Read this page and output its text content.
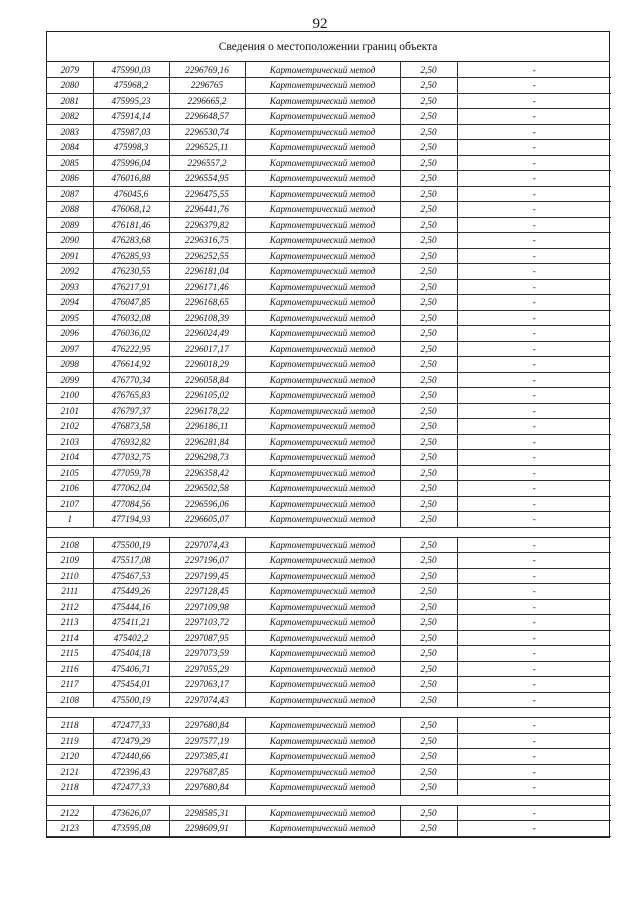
92
Сведения о местоположении границ объекта
2079	475990,03	2296769,16	Картометрический метод	2,50	-
2080	475968,2	2296765	Картометрический метод	2,50	-
2081	475995,23	2296665,2	Картометрический метод	2,50	-
2082	475914,14	2296648,57	Картометрический метод	2,50	-
2083	475987,03	2296530,74	Картометрический метод	2,50	-
2084	475998,3	2296525,11	Картометрический метод	2,50	-
2085	475996,04	2296557,2	Картометрический метод	2,50	-
2086	476016,88	2296554,95	Картометрический метод	2,50	-
2087	476045,6	2296475,55	Картометрический метод	2,50	-
2088	476068,12	2296441,76	Картометрический метод	2,50	-
2089	476181,46	2296379,82	Картометрический метод	2,50	-
2090	476283,68	2296316,75	Картометрический метод	2,50	-
2091	476285,93	2296252,55	Картометрический метод	2,50	-
2092	476230,55	2296181,04	Картометрический метод	2,50	-
2093	476217,91	2296171,46	Картометрический метод	2,50	-
2094	476047,85	2296168,65	Картометрический метод	2,50	-
2095	476032,08	2296108,39	Картометрический метод	2,50	-
2096	476036,02	2296024,49	Картометрический метод	2,50	-
2097	476222,95	2296017,17	Картометрический метод	2,50	-
2098	476614,92	2296018,29	Картометрический метод	2,50	-
2099	476770,34	2296058,84	Картометрический метод	2,50	-
2100	476765,83	2296105,02	Картометрический метод	2,50	-
2101	476797,37	2296178,22	Картометрический метод	2,50	-
2102	476873,58	2296186,11	Картометрический метод	2,50	-
2103	476932,82	2296281,84	Картометрический метод	2,50	-
2104	477032,75	2296298,73	Картометрический метод	2,50	-
2105	477059,78	2296358,42	Картометрический метод	2,50	-
2106	477062,04	2296502,58	Картометрический метод	2,50	-
2107	477084,56	2296596,06	Картометрический метод	2,50	-
1	477194,93	2296605,07	Картометрический метод	2,50	-

2108	475500,19	2297074,43	Картометрический метод	2,50	-
2109	475517,08	2297196,07	Картометрический метод	2,50	-
2110	475467,53	2297199,45	Картометрический метод	2,50	-
2111	475449,26	2297128,45	Картометрический метод	2,50	-
2112	475444,16	2297109,98	Картометрический метод	2,50	-
2113	475411,21	2297103,72	Картометрический метод	2,50	-
2114	475402,2	2297087,95	Картометрический метод	2,50	-
2115	475404,18	2297073,59	Картометрический метод	2,50	-
2116	475406,71	2297055,29	Картометрический метод	2,50	-
2117	475454,01	2297063,17	Картометрический метод	2,50	-
2108	475500,19	2297074,43	Картометрический метод	2,50	-

2118	472477,33	2297680,84	Картометрический метод	2,50	-
2119	472479,29	2297577,19	Картометрический метод	2,50	-
2120	472440,66	2297385,41	Картометрический метод	2,50	-
2121	472396,43	2297687,85	Картометрический метод	2,50	-
2118	472477,33	2297680,84	Картометрический метод	2,50	-

2122	473626,07	2298585,31	Картометрический метод	2,50	-
2123	473595,08	2298609,91	Картометрический метод	2,50	-
